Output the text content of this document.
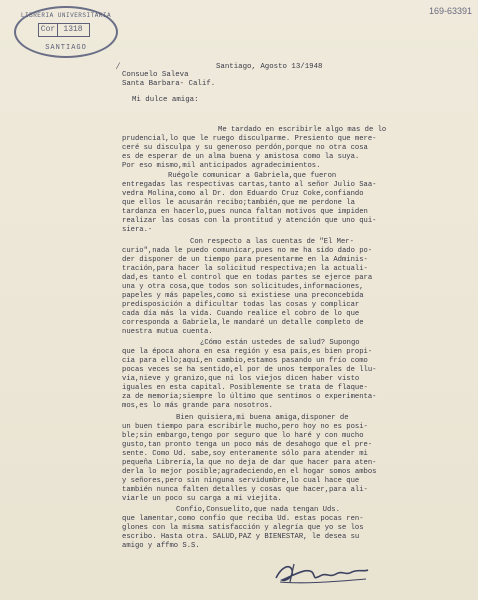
LIBRERIA UNIVERSITARIA
Cor 1318
SANTIAGO
169-63391
⁄	Santiago, Agosto 13/1948
Consuelo Saleva
Santa Barbara- Calif.
Mi dulce amiga:
Me tardado en escribirle algo mas de lo
prudencial,lo que le ruego disculparme. Presiento que mere-
ceré su disculpa y su generoso perdón,porque no otra cosa
es de esperar de un alma buena y amistosa como la suya.
Por eso mismo,mil anticipados agradecimientos.
Ruégole comunicar a Gabriela,que fueron
entregadas las respectivas cartas,tanto al señor Julio Saa-
vedra Molina,como al Dr. don Eduardo Cruz Coke,confiando
que ellos le acusarán recibo;también,que me perdone la
tardanza en hacerlo,pues nunca faltan motivos que impiden
realizar las cosas con la prontitud y atención que uno qui-
siera.-
Con respecto a las cuentas de "El Mer-
curio",nada le puedo comunicar,pues no me ha sido dado po-
der disponer de un tiempo para presentarme en la Adminis-
tración,para hacer la solicitud respectiva;en la actuali-
dad,es tanto el control que en todas partes se ejerce para
una y otra cosa,que todos son solicitudes,informaciones,
papeles y más papeles,como si existiese una preconcebida
predisposición a dificultar todas las cosas y complicar
cada día más la vida. Cuando realice el cobro de lo que
corresponda a Gabriela,le mandaré un detalle completo de
nuestra mutua cuenta.
¿Cómo están ustedes de salud? Supongo
que la época ahora en esa región y esa país,es bien propi-
cia para ello;aquí,en cambio,estamos pasando un frío como
pocas veces se ha sentido,el por de unos temporales de llu-
via,nieve y granizo,que ni los viejos dicen haber visto
iguales en esta capital. Posiblemente se trata de flaque-
za de memoria;siempre lo último que sentimos o experimenta-
mos,es lo más grande para nosotros.
Bien quisiera,mi buena amiga,disponer de
un buen tiempo para escribirle mucho,pero hoy no es posi-
ble;sin embargo,tengo por seguro que lo haré y con mucho
gusto,tan pronto tenga un poco más de desahogo que el pre-
sente. Como Ud. sabe,soy enteramente sólo para atender mi
pequeña Librería,la que no deja de dar que hacer para aten-
derla lo mejor posible;agradeciendo,en el hogar somos ambos
y señores,pero sin ninguna servidumbre,lo cual hace que
también nunca falten detalles y cosas que hacer,para ali-
viarle un poco su carga a mi viejita.
Confío,Consuelito,que nada tengan Uds.
que lamentar,como confío que reciba Ud. estas pocas ren-
glones con la misma satisfacción y alegría que yo se los
escribo. Hasta otra. SALUD,PAZ y BIENESTAR, le desea su
amigo y affmo S.S.
